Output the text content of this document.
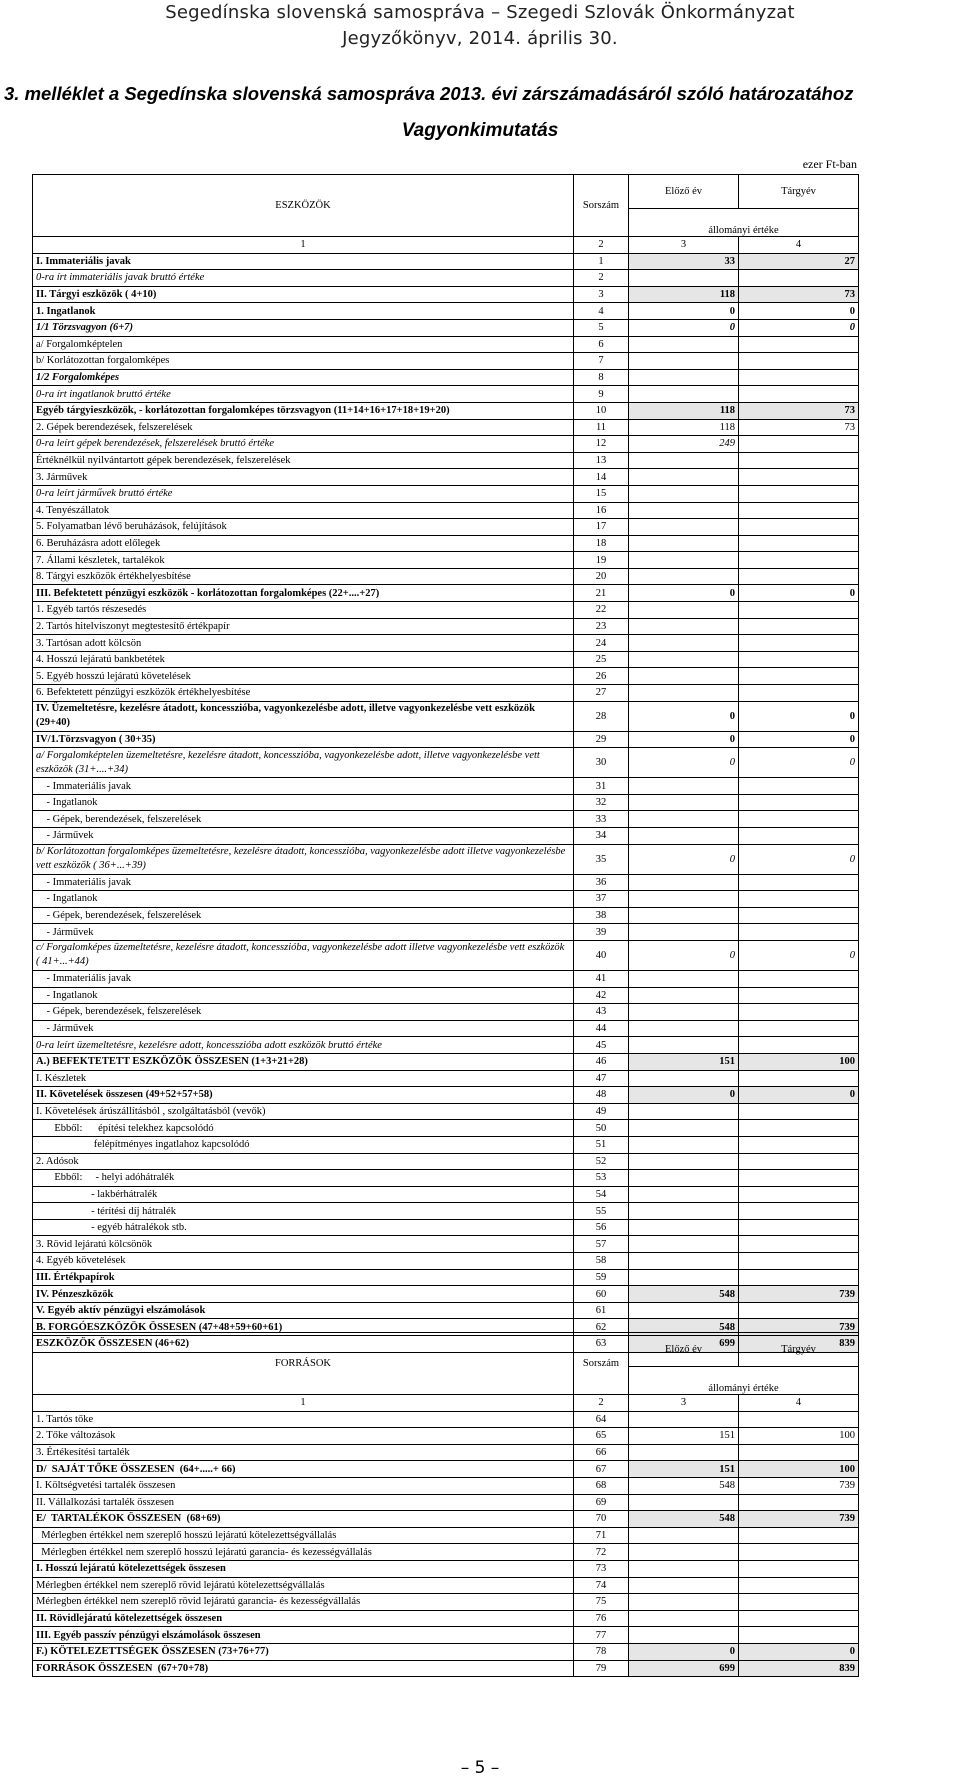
Segedínska slovenská samospráva – Szegedi Szlovák Önkormányzat
Jegyzőkönyv, 2014. április 30.
3. melléklet a Segedínska slovenská samospráva 2013. évi zárszámadásáról szóló határozatához
Vagyonkimutatás
ezer Ft-ban
ESZKÖZÖK	Sorszám	Előző év	Tárgyév
		állományi értéke	
1	2	3	4
I. Immateriális javak	1	33	27
0-ra írt immateriális javak bruttó értéke	2		
II. Tárgyi eszközök ( 4+10)	3	118	73
1. Ingatlanok	4	0	0
1/1 Törzsvagyon (6+7)	5	0	0
a/ Forgalomképtelen	6		
b/ Korlátozottan forgalomképes	7		
1/2 Forgalomképes	8		
0-ra írt ingatlanok bruttó értéke	9		
Egyéb tárgyieszközök, - korlátozottan forgalomképes törzsvagyon (11+14+16+17+18+19+20)	10	118	73
2. Gépek berendezések, felszerelések	11	118	73
0-ra leírt gépek berendezések, felszerelések bruttó értéke	12	249	
Értéknélkül nyilvántartott gépek berendezések, felszerelések	13		
3. Járművek	14		
0-ra leírt járművek bruttó értéke	15		
4. Tenyészállatok	16		
5. Folyamatban lévő beruházások, felújítások	17		
6. Beruházásra adott előlegek	18		
7. Állami készletek, tartalékok	19		
8. Tárgyi eszközök értékhelyesbítése	20		
III. Befektetett pénzügyi eszközök - korlátozottan forgalomképes (22+....+27)	21	0	0
1. Egyéb tartós részesedés	22		
2. Tartós hitelviszonyt megtestesítő értékpapír	23		
3. Tartósan adott kölcsön	24		
4. Hosszú lejáratú bankbetétek	25		
5. Egyéb hosszú lejáratú követelések	26		
6. Befektetett pénzügyi eszközök értékhelyesbítése	27		
IV. Üzemeltetésre, kezelésre átadott, koncesszióba, vagyonkezelésbe adott, illetve vagyonkezelésbe vett eszközök (29+40)	28	0	0
IV/1.Törzsvagyon ( 30+35)	29	0	0
a/ Forgalomképtelen üzemeltetésre, kezelésre átadott, koncesszióba, vagyonkezelésbe adott, illetve vagyonkezelésbe vett eszközök (31+....+34)	30	0	0
- Immateriális javak	31		
- Ingatlanok	32		
- Gépek, berendezések, felszerelések	33		
- Járművek	34		
b/ Korlátozottan forgalomképes üzemeltetésre, kezelésre átadott, koncesszióba, vagyonkezelésbe adott illetve vagyonkezelésbe vett eszközök ( 36+...+39)	35	0	0
- Immateriális javak	36		
- Ingatlanok	37		
- Gépek, berendezések, felszerelések	38		
- Járművek	39		
c/ Forgalomképes üzemeltetésre, kezelésre átadott, koncesszióba, vagyonkezelésbe adott illetve vagyonkezelésbe vett eszközök ( 41+...+44)	40	0	0
- Immateriális javak	41		
- Ingatlanok	42		
- Gépek, berendezések, felszerelések	43		
- Járművek	44		
0-ra leírt üzemeltetésre, kezelésre adott, koncesszióba adott eszközök bruttó értéke	45		
A.) BEFEKTETETT ESZKÖZÖK ÖSSZESEN (1+3+21+28)	46	151	100
I. Készletek	47		
II. Követelések összesen (49+52+57+58)	48	0	0
I. Követelések árúszállításból , szolgáltatásból (vevők)	49		
Ebből:      építési telekhez kapcsolódó	50		
felépítményes ingatlahoz kapcsolódó	51		
2. Adósok	52		
Ebből:     - helyi adóhátralék	53		
- lakbérhátralék	54		
- térítési díj hátralék	55		
- egyéb hátralékok stb.	56		
3. Rövid lejáratú kölcsönök	57		
4. Egyéb követelések	58		
III. Értékpapírok	59		
IV. Pénzeszközök	60	548	739
V. Egyéb aktív pénzügyi elszámolások	61		
B. FORGÓESZKÖZÖK ÖSSESEN (47+48+59+60+61)	62	548	739
ESZKÖZÖK ÖSSZESEN (46+62)	63	699	839
FORRÁSOK	Sorszám	Előző év	Tárgyév
		állományi értéke	
1	2	3	4
1. Tartós tőke	64		
2. Tőke változások	65	151	100
3. Értékesítési tartalék	66		
D/  SAJÁT TŐKE ÖSSZESEN  (64+.....+ 66)	67	151	100
I. Költségvetési tartalék összesen	68	548	739
II. Vállalkozási tartalék összesen	69		
E/  TARTALÉKOK ÖSSZESEN  (68+69)	70	548	739
Mérlegben értékkel nem szereplő hosszú lejáratú kötelezettségvállalás	71		
Mérlegben értékkel nem szereplő hosszú lejáratú garancia- és kezességvállalás	72		
I. Hosszú lejáratú kötelezettségek összesen	73		
Mérlegben értékkel nem szereplő rövid lejáratú kötelezettségvállalás	74		
Mérlegben értékkel nem szereplő rövid lejáratú garancia- és kezességvállalás	75		
II. Rövidlejáratú kötelezettségek összesen	76		
III. Egyéb passzív pénzügyi elszámolások összesen	77		
F.) KÖTELEZETTSÉGEK ÖSSZESEN (73+76+77)	78	0	0
FORRÁSOK ÖSSZESEN  (67+70+78)	79	699	839
– 5 –
